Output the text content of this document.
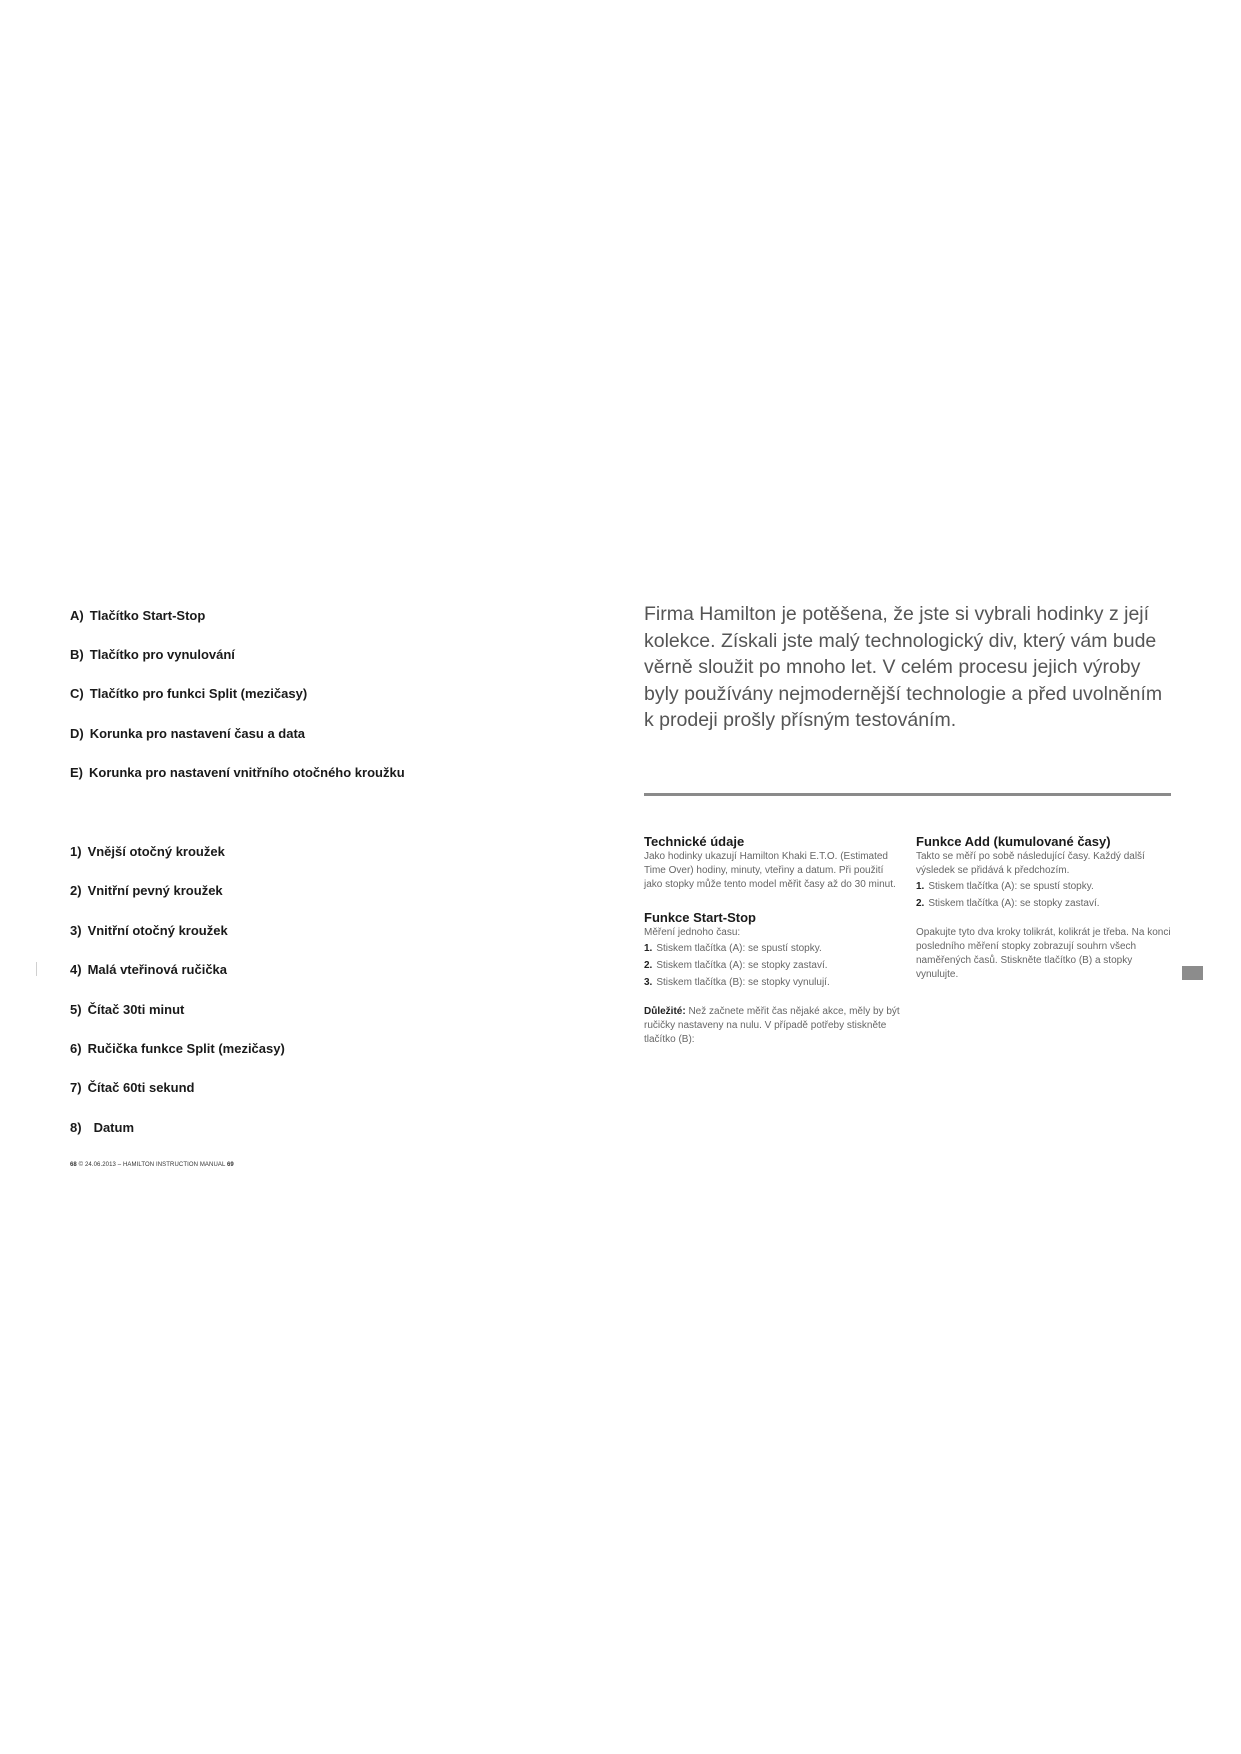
A) Tlačítko Start-Stop
B) Tlačítko pro vynulování
C) Tlačítko pro funkci Split (mezičasy)
D) Korunka pro nastavení času a data
E) Korunka pro nastavení vnitřního otočného kroužku
1) Vnější otočný kroužek
2) Vnitřní pevný kroužek
3) Vnitřní otočný kroužek
4) Malá vteřinová ručička
5) Čítač 30ti minut
6) Ručička funkce Split (mezičasy)
7) Čítač 60ti sekund
8) Datum
68 © 24.06.2013 – HAMILTON INSTRUCTION MANUAL 69
Firma Hamilton je potěšena, že jste si vybrali hodinky z její kolekce. Získali jste malý technologický div, který vám bude věrně sloužit po mnoho let. V celém procesu jejich výroby byly používány nejmodernější technologie a před uvolněním k prodeji prošly přísným testováním.
Technické údaje

Jako hodinky ukazují Hamilton Khaki E.T.O. (Estimated Time Over) hodiny, minuty, vteřiny a datum. Při použití jako stopky může tento model měřit časy až do 30 minut.

Funkce Start-Stop

Měření jednoho času:

1. Stiskem tlačítka (A): se spustí stopky.

2. Stiskem tlačítka (A): se stopky zastaví.

3. Stiskem tlačítka (B): se stopky vynulují.

Důležité: Než začnete měřit čas nějaké akce, měly by být ručičky nastaveny na nulu. V případě potřeby stiskněte tlačítko (B):

Funkce Add (kumulované časy)

Takto se měří po sobě následující časy. Každý další výsledek se přidává k předchozím.

1. Stiskem tlačítka (A): se spustí stopky.

2. Stiskem tlačítka (A): se stopky zastaví.

Opakujte tyto dva kroky tolikrát, kolikrát je třeba. Na konci posledního měření stopky zobrazují souhrn všech naměřených časů. Stiskněte tlačítko (B) a stopky vynulujte.
